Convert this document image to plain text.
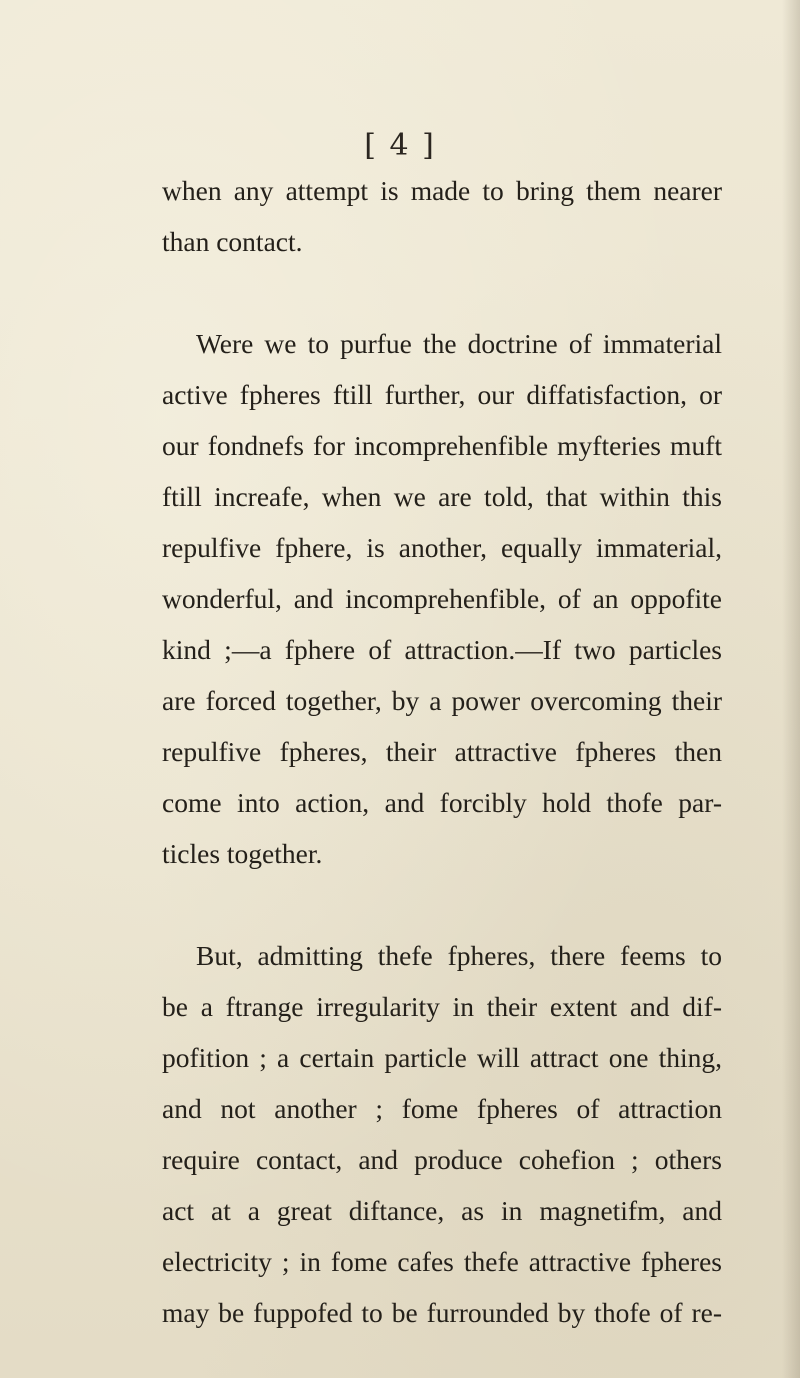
[ 4 ]
when any attempt is made to bring them nearer
than contact.
Were we to purfue the doctrine of immaterial
active fpheres ftill further, our diffatisfaction, or
our fondnefs for incomprehenfible myfteries muft
ftill increafe, when we are told, that within this
repulfive fphere, is another, equally immaterial,
wonderful, and incomprehenfible, of an oppofite
kind ;—a fphere of attraction.—If two particles
are forced together, by a power overcoming their
repulfive fpheres, their attractive fpheres then
come into action, and forcibly hold thofe par-
ticles together.
But, admitting thefe fpheres, there feems to
be a ftrange irregularity in their extent and dif-
pofition ; a certain particle will attract one thing,
and not another ; fome fpheres of attraction
require contact, and produce cohefion ; others
act at a great diftance, as in magnetifm, and
electricity ; in fome cafes thefe attractive fpheres
may be fuppofed to be furrounded by thofe of re-
